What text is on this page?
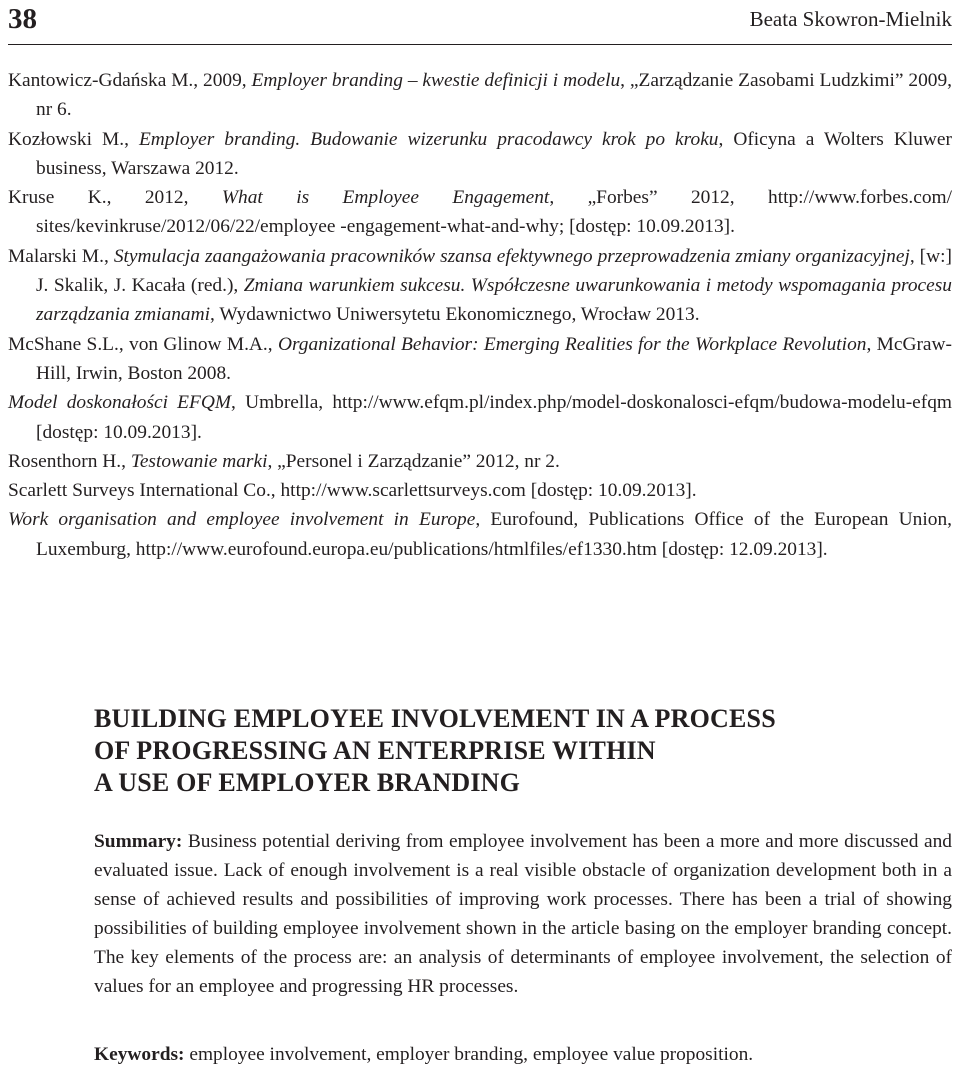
38	Beata Skowron-Mielnik

Kantowicz-Gdańska M., 2009, Employer branding – kwestie definicji i modelu, „Zarządzanie Zasobami Ludzkimi” 2009, nr 6.

Kozłowski M., Employer branding. Budowanie wizerunku pracodawcy krok po kroku, Oficyna a Wolters Kluwer business, Warszawa 2012.

Kruse K., 2012, What is Employee Engagement, „Forbes” 2012, http://www.forbes.com/ sites/kevinkruse/2012/06/22/employee -engagement-what-and-why; [dostęp: 10.09.2013].

Malarski M., Stymulacja zaangażowania pracowników szansa efektywnego przeprowadzenia zmiany organizacyjnej, [w:] J. Skalik, J. Kacała (red.), Zmiana warunkiem sukcesu. Współczesne uwarunkowania i metody wspomagania procesu zarządzania zmianami, Wydawnictwo Uniwersytetu Ekonomicznego, Wrocław 2013.

McShane S.L., von Glinow M.A., Organizational Behavior: Emerging Realities for the Workplace Revolution, McGraw-Hill, Irwin, Boston 2008.

Model doskonałości EFQM, Umbrella, http://www.efqm.pl/index.php/model-doskonalosci-efqm/budowa-modelu-efqm [dostęp: 10.09.2013].

Rosenthorn H., Testowanie marki, „Personel i Zarządzanie” 2012, nr 2.

Scarlett Surveys International Co., http://www.scarlettsurveys.com [dostęp: 10.09.2013].

Work organisation and employee involvement in Europe, Eurofound, Publications Office of the European Union, Luxemburg, http://www.eurofound.europa.eu/publications/htmlfiles/ef1330.htm [dostęp: 12.09.2013].

BUILDING EMPLOYEE INVOLVEMENT IN A PROCESS
OF PROGRESSING AN ENTERPRISE WITHIN
A USE OF EMPLOYER BRANDING

Summary: Business potential deriving from employee involvement has been a more and more discussed and evaluated issue. Lack of enough involvement is a real visible obstacle of organization development both in a sense of achieved results and possibilities of improving work processes. There has been a trial of showing possibilities of building employee involvement shown in the article basing on the employer branding concept. The key elements of the process are: an analysis of determinants of employee involvement, the selection of values for an employee and progressing HR processes.

Keywords: employee involvement, employer branding, employee value proposition.
